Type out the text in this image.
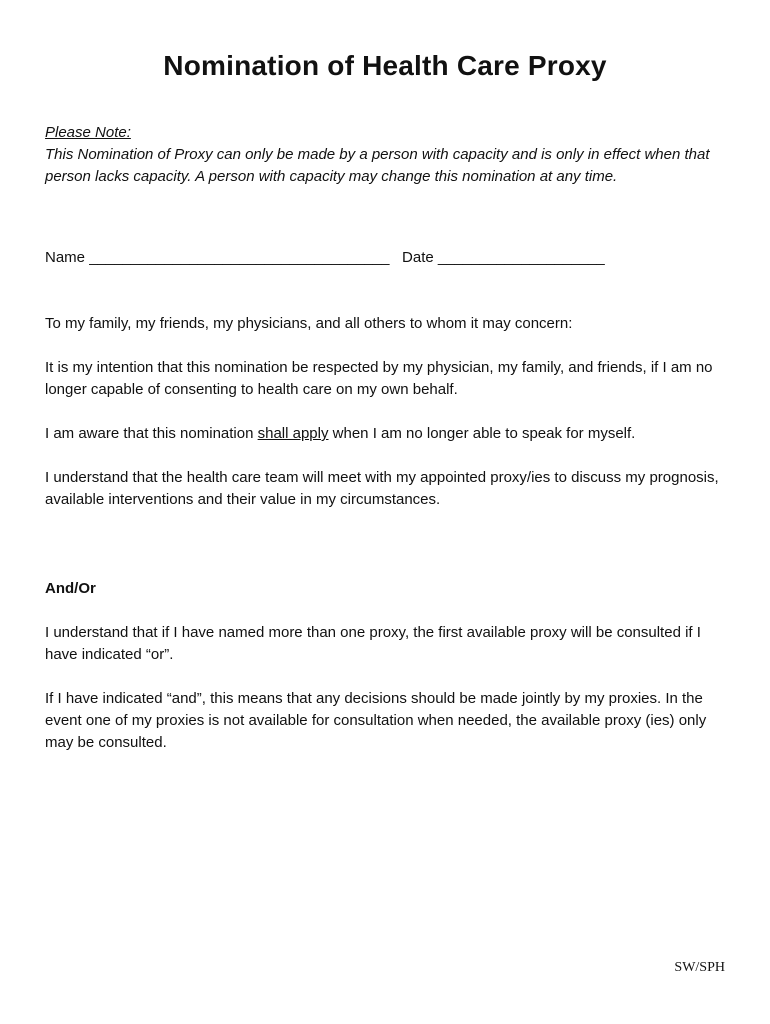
Nomination of Health Care Proxy
Please Note:
This Nomination of Proxy can only be made by a person with capacity and is only in effect when that person lacks capacity. A person with capacity may change this nomination at any time.
Name ____________________________________ Date ____________________
To my family, my friends, my physicians, and all others to whom it may concern:
It is my intention that this nomination be respected by my physician, my family, and friends, if I am no longer capable of consenting to health care on my own behalf.
I am aware that this nomination shall apply when I am no longer able to speak for myself.
I understand that the health care team will meet with my appointed proxy/ies to discuss my prognosis, available interventions and their value in my circumstances.
And/Or
I understand that if I have named more than one proxy, the first available proxy will be consulted if I have indicated “or”.
If I have indicated “and”, this means that any decisions should be made jointly by my proxies. In the event one of my proxies is not available for consultation when needed, the available proxy (ies) only may be consulted.
SW/SPH
